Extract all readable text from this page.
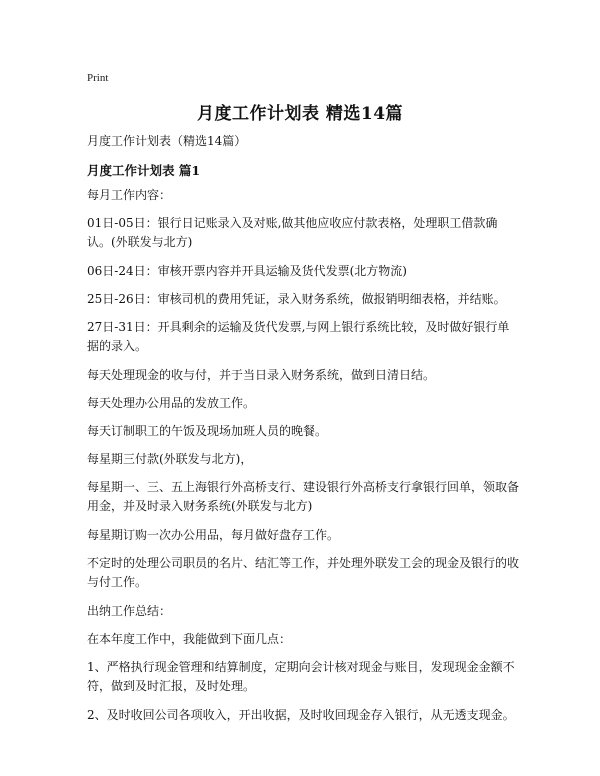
Print
月度工作计划表 精选14篇
月度工作计划表（精选14篇）
月度工作计划表 篇1

每月工作内容：

01日-05日：银行日记账录入及对账,做其他应收应付款表格，处理职工借款确认。(外联发与北方)

06日-24日：审核开票内容并开具运输及货代发票(北方物流)

25日-26日：审核司机的费用凭证，录入财务系统，做报销明细表格，并结账。

27日-31日：开具剩余的运输及货代发票,与网上银行系统比较，及时做好银行单据的录入。

每天处理现金的收与付，并于当日录入财务系统，做到日清日结。

每天处理办公用品的发放工作。

每天订制职工的午饭及现场加班人员的晚餐。

每星期三付款(外联发与北方)，

每星期一、三、五上海银行外高桥支行、建设银行外高桥支行拿银行回单，领取备用金，并及时录入财务系统(外联发与北方)

每星期订购一次办公用品，每月做好盘存工作。

不定时的处理公司职员的名片、结汇等工作，并处理外联发工会的现金及银行的收与付工作。

出纳工作总结：

在本年度工作中，我能做到下面几点：

1、严格执行现金管理和结算制度，定期向会计核对现金与账目，发现现金金额不符，做到及时汇报，及时处理。

2、及时收回公司各项收入，开出收据，及时收回现金存入银行，从无透支现金。
